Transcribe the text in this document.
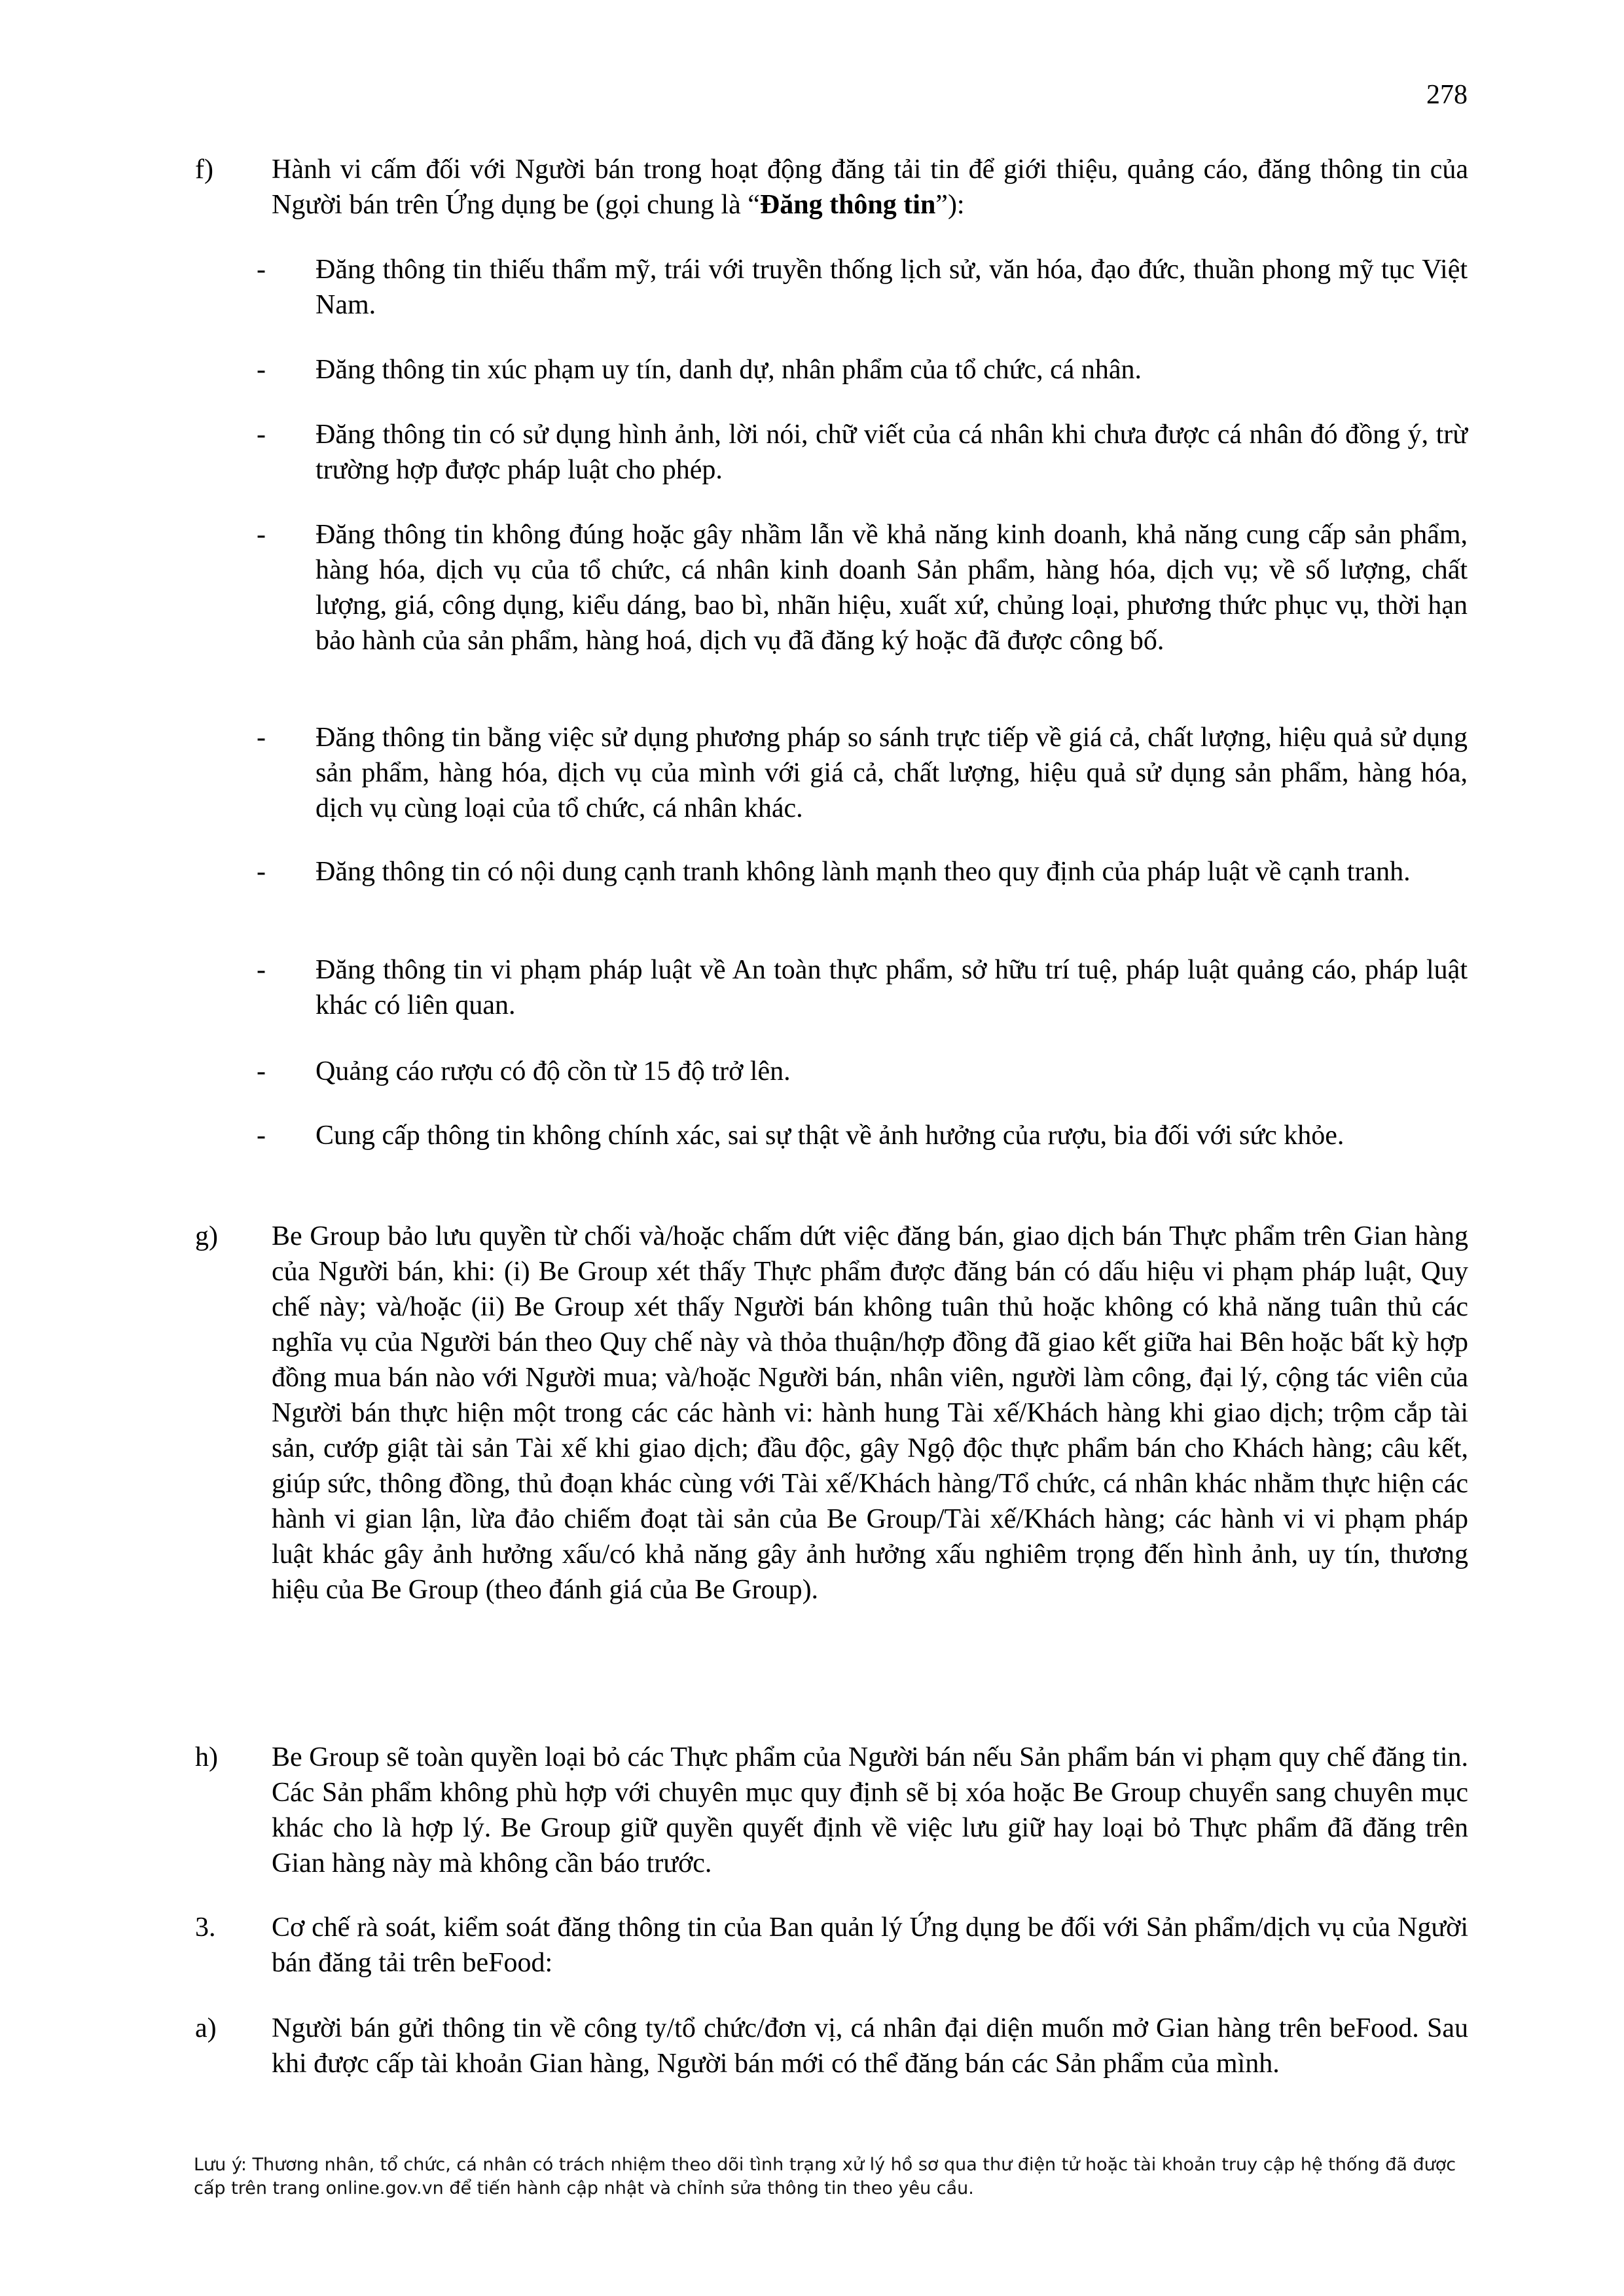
278
f) Hành vi cấm đối với Người bán trong hoạt động đăng tải tin để giới thiệu, quảng cáo, đăng thông tin của Người bán trên Ứng dụng be (gọi chung là “Đăng thông tin”):
- Đăng thông tin thiếu thẩm mỹ, trái với truyền thống lịch sử, văn hóa, đạo đức, thuần phong mỹ tục Việt Nam.
- Đăng thông tin xúc phạm uy tín, danh dự, nhân phẩm của tổ chức, cá nhân.
- Đăng thông tin có sử dụng hình ảnh, lời nói, chữ viết của cá nhân khi chưa được cá nhân đó đồng ý, trừ trường hợp được pháp luật cho phép.
- Đăng thông tin không đúng hoặc gây nhầm lẫn về khả năng kinh doanh, khả năng cung cấp sản phẩm, hàng hóa, dịch vụ của tổ chức, cá nhân kinh doanh Sản phẩm, hàng hóa, dịch vụ; về số lượng, chất lượng, giá, công dụng, kiểu dáng, bao bì, nhãn hiệu, xuất xứ, chủng loại, phương thức phục vụ, thời hạn bảo hành của sản phẩm, hàng hoá, dịch vụ đã đăng ký hoặc đã được công bố.
- Đăng thông tin bằng việc sử dụng phương pháp so sánh trực tiếp về giá cả, chất lượng, hiệu quả sử dụng sản phẩm, hàng hóa, dịch vụ của mình với giá cả, chất lượng, hiệu quả sử dụng sản phẩm, hàng hóa, dịch vụ cùng loại của tổ chức, cá nhân khác.
- Đăng thông tin có nội dung cạnh tranh không lành mạnh theo quy định của pháp luật về cạnh tranh.
- Đăng thông tin vi phạm pháp luật về An toàn thực phẩm, sở hữu trí tuệ, pháp luật quảng cáo, pháp luật khác có liên quan.
- Quảng cáo rượu có độ cồn từ 15 độ trở lên.
- Cung cấp thông tin không chính xác, sai sự thật về ảnh hưởng của rượu, bia đối với sức khỏe.
g) Be Group bảo lưu quyền từ chối và/hoặc chấm dứt việc đăng bán, giao dịch bán Thực phẩm trên Gian hàng của Người bán, khi: (i) Be Group xét thấy Thực phẩm được đăng bán có dấu hiệu vi phạm pháp luật, Quy chế này; và/hoặc (ii) Be Group xét thấy Người bán không tuân thủ hoặc không có khả năng tuân thủ các nghĩa vụ của Người bán theo Quy chế này và thỏa thuận/hợp đồng đã giao kết giữa hai Bên hoặc bất kỳ hợp đồng mua bán nào với Người mua; và/hoặc Người bán, nhân viên, người làm công, đại lý, cộng tác viên của Người bán thực hiện một trong các các hành vi: hành hung Tài xế/Khách hàng khi giao dịch; trộm cắp tài sản, cướp giật tài sản Tài xế khi giao dịch; đầu độc, gây Ngộ độc thực phẩm bán cho Khách hàng; câu kết, giúp sức, thông đồng, thủ đoạn khác cùng với Tài xế/Khách hàng/Tổ chức, cá nhân khác nhằm thực hiện các hành vi gian lận, lừa đảo chiếm đoạt tài sản của Be Group/Tài xế/Khách hàng; các hành vi vi phạm pháp luật khác gây ảnh hưởng xấu/có khả năng gây ảnh hưởng xấu nghiêm trọng đến hình ảnh, uy tín, thương hiệu của Be Group (theo đánh giá của Be Group).
h) Be Group sẽ toàn quyền loại bỏ các Thực phẩm của Người bán nếu Sản phẩm bán vi phạm quy chế đăng tin. Các Sản phẩm không phù hợp với chuyên mục quy định sẽ bị xóa hoặc Be Group chuyển sang chuyên mục khác cho là hợp lý. Be Group giữ quyền quyết định về việc lưu giữ hay loại bỏ Thực phẩm đã đăng trên Gian hàng này mà không cần báo trước.
3. Cơ chế rà soát, kiểm soát đăng thông tin của Ban quản lý Ứng dụng be đối với Sản phẩm/dịch vụ của Người bán đăng tải trên beFood:
a) Người bán gửi thông tin về công ty/tổ chức/đơn vị, cá nhân đại diện muốn mở Gian hàng trên beFood. Sau khi được cấp tài khoản Gian hàng, Người bán mới có thể đăng bán các Sản phẩm của mình.
Lưu ý: Thương nhân, tổ chức, cá nhân có trách nhiệm theo dõi tình trạng xử lý hồ sơ qua thư điện tử hoặc tài khoản truy cập hệ thống đã được cấp trên trang online.gov.vn để tiến hành cập nhật và chỉnh sửa thông tin theo yêu cầu.
